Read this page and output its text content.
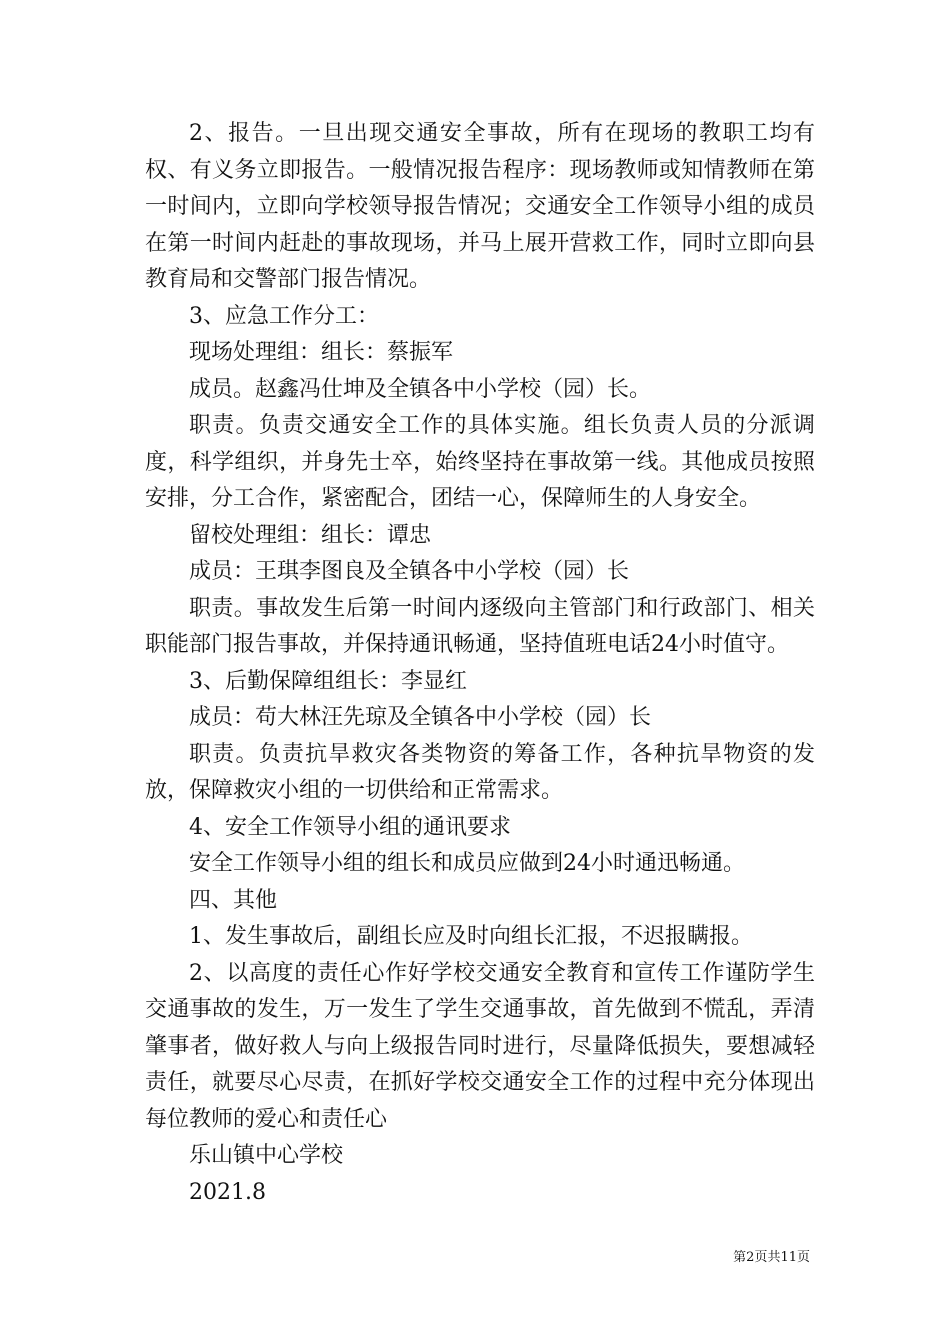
2、报告。一旦出现交通安全事故，所有在现场的教职工均有权、有义务立即报告。一般情况报告程序：现场教师或知情教师在第一时间内，立即向学校领导报告情况；交通安全工作领导小组的成员在第一时间内赶赴的事故现场，并马上展开营救工作，同时立即向县教育局和交警部门报告情况。

3、应急工作分工：

现场处理组：组长：蔡振军

成员。赵鑫冯仕坤及全镇各中小学校（园）长。

职责。负责交通安全工作的具体实施。组长负责人员的分派调度，科学组织，并身先士卒，始终坚持在事故第一线。其他成员按照安排，分工合作，紧密配合，团结一心，保障师生的人身安全。

留校处理组：组长：谭忠

成员：王琪李图良及全镇各中小学校（园）长

职责。事故发生后第一时间内逐级向主管部门和行政部门、相关职能部门报告事故，并保持通讯畅通，坚持值班电话24小时值守。

3、后勤保障组组长：李显红

成员：苟大林汪先琼及全镇各中小学校（园）长

职责。负责抗旱救灾各类物资的筹备工作，各种抗旱物资的发放，保障救灾小组的一切供给和正常需求。

4、安全工作领导小组的通讯要求

安全工作领导小组的组长和成员应做到24小时通迅畅通。

四、其他

1、发生事故后，副组长应及时向组长汇报，不迟报瞒报。

2、以高度的责任心作好学校交通安全教育和宣传工作谨防学生交通事故的发生，万一发生了学生交通事故，首先做到不慌乱，弄清肇事者，做好救人与向上级报告同时进行，尽量降低损失，要想减轻责任，就要尽心尽责，在抓好学校交通安全工作的过程中充分体现出每位教师的爱心和责任心

乐山镇中心学校

2021.8

第2页共11页
